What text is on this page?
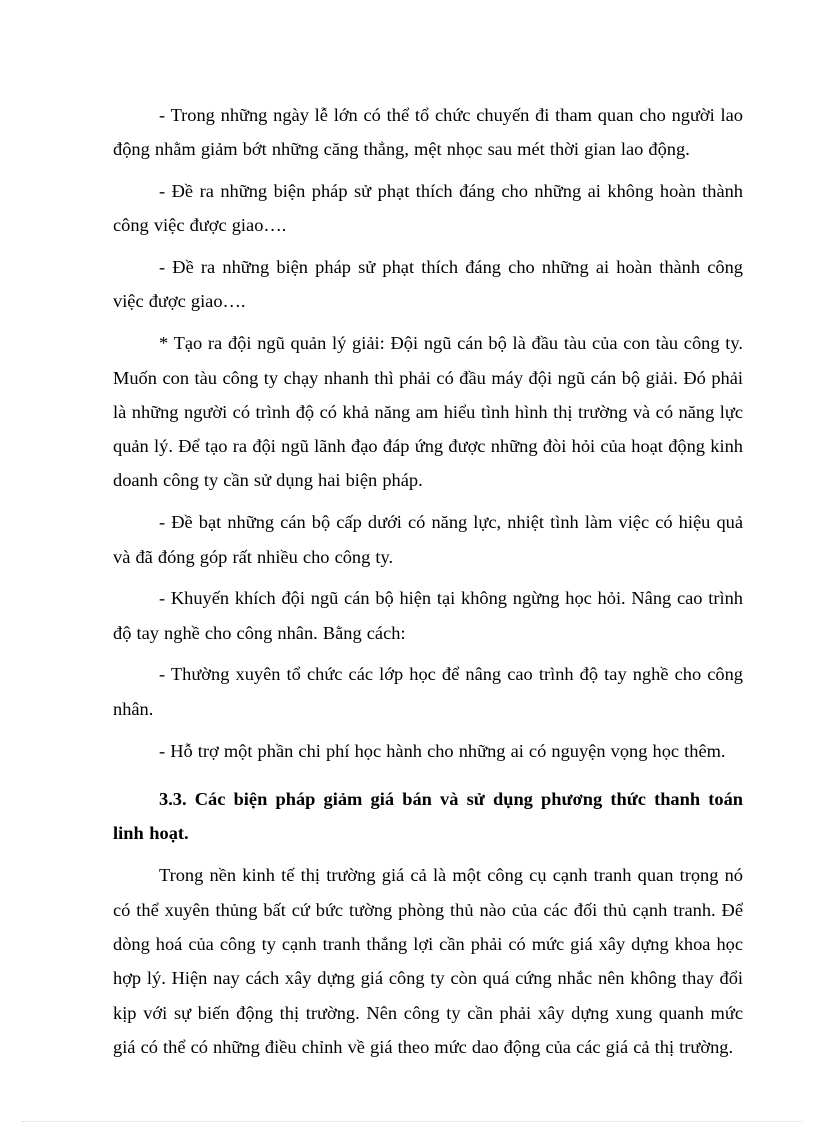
- Trong những ngày lễ lớn có thể tổ chức chuyến đi tham quan cho người lao động nhằm giảm bớt những căng thẳng, mệt nhọc sau mét thời gian lao động.

- Đề ra những biện pháp sử phạt thích đáng cho những ai không hoàn thành công việc được giao….

- Đề ra những biện pháp sử phạt thích đáng cho những ai hoàn thành công việc được giao….

* Tạo ra đội ngũ quản lý giải: Đội ngũ cán bộ là đầu tàu của con tàu công ty. Muốn con tàu công ty chạy nhanh thì phải có đầu máy đội ngũ cán bộ giải. Đó phải là những người có trình độ có khả năng am hiểu tình hình thị trường và có năng lực quản lý. Để tạo ra đội ngũ lãnh đạo đáp ứng được những đòi hỏi của hoạt động kinh doanh công ty cần sử dụng hai biện pháp.

- Đề bạt những cán bộ cấp dưới có năng lực, nhiệt tình làm việc có hiệu quả và đã đóng góp rất nhiều cho công ty.

- Khuyến khích đội ngũ cán bộ hiện tại không ngừng học hỏi. Nâng cao trình độ tay nghề cho công nhân. Bằng cách:

- Thường xuyên tổ chức các lớp học để nâng cao trình độ tay nghề cho công nhân.

- Hỗ trợ một phần chi phí học hành cho những ai có nguyện vọng học thêm.

3.3. Các biện pháp giảm giá bán và sử dụng phương thức thanh toán linh hoạt.

Trong nền kinh tế thị trường giá cả là một công cụ cạnh tranh quan trọng nó có thể xuyên thủng bất cứ bức tường phòng thủ nào của các đối thủ cạnh tranh. Để dòng hoá của công ty cạnh tranh thắng lợi cần phải có mức giá xây dựng khoa học hợp lý. Hiện nay cách xây dựng giá công ty còn quá cứng nhắc nên không thay đổi kịp với sự biến động thị trường. Nên công ty cần phải xây dựng xung quanh mức giá có thể có những điều chỉnh về giá theo mức dao động của các giá cả thị trường.
